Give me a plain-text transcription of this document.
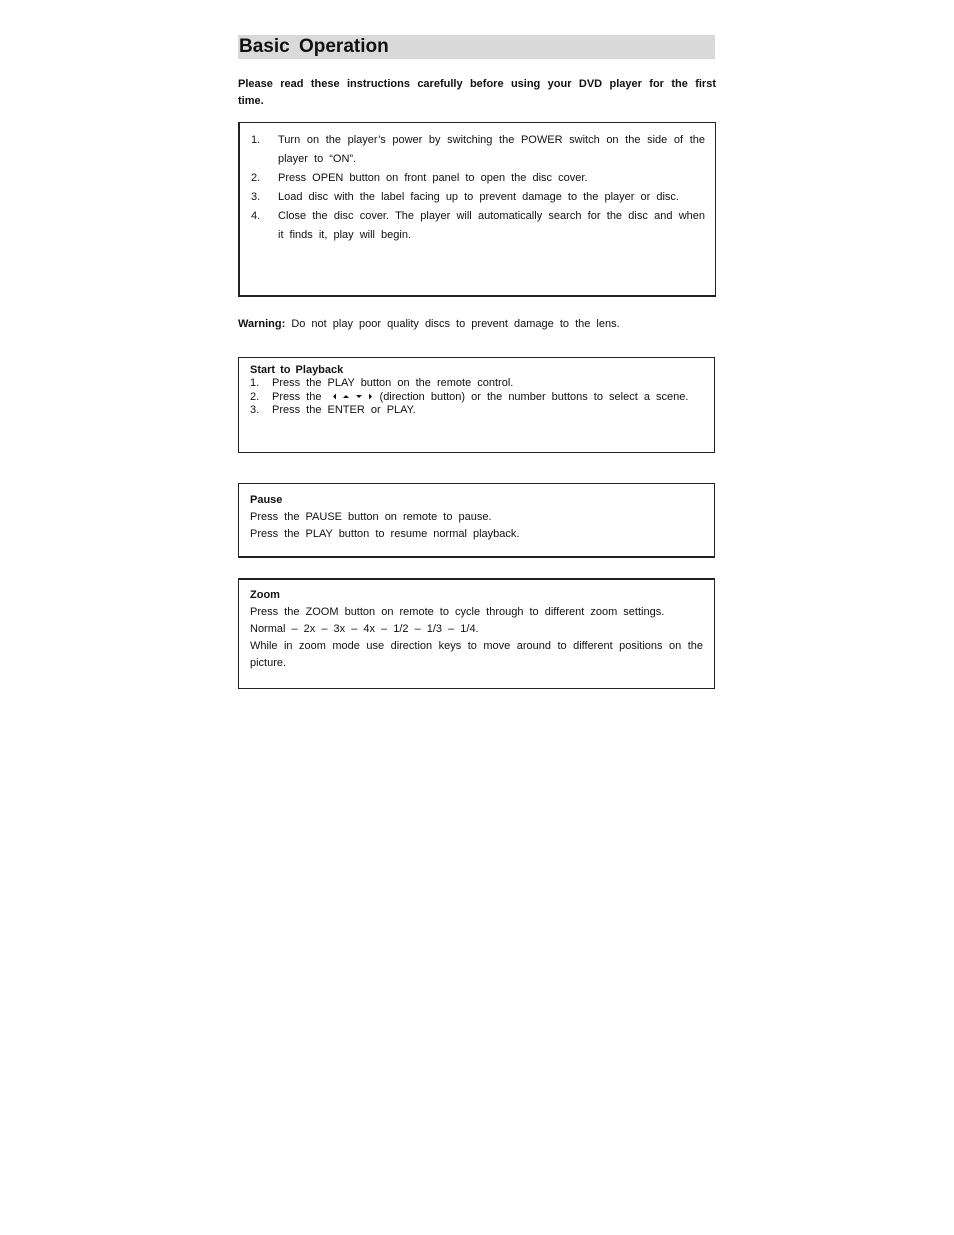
Basic Operation

Please read these instructions carefully before using your DVD player for the first time.

1. Turn on the player’s power by switching the POWER switch on the side of the player to “ON”.
2. Press OPEN button on front panel to open the disc cover.
3. Load disc with the label facing up to prevent damage to the player or disc.
4. Close the disc cover. The player will automatically search for the disc and when it finds it, play will begin.

Warning: Do not play poor quality discs to prevent damage to the lens.

Start to Playback
1. Press the PLAY button on the remote control.
2. Press the	(direction button) or the number buttons to select a scene.
3. Press the ENTER or PLAY.
Pause
Press the PAUSE button on remote to pause.
Press the PLAY button to resume normal playback.
Zoom
Press the ZOOM button on remote to cycle through to different zoom settings.
Normal – 2x – 3x – 4x – 1/2 – 1/3 – 1/4.
While in zoom mode use direction keys to move around to different positions on the picture.
